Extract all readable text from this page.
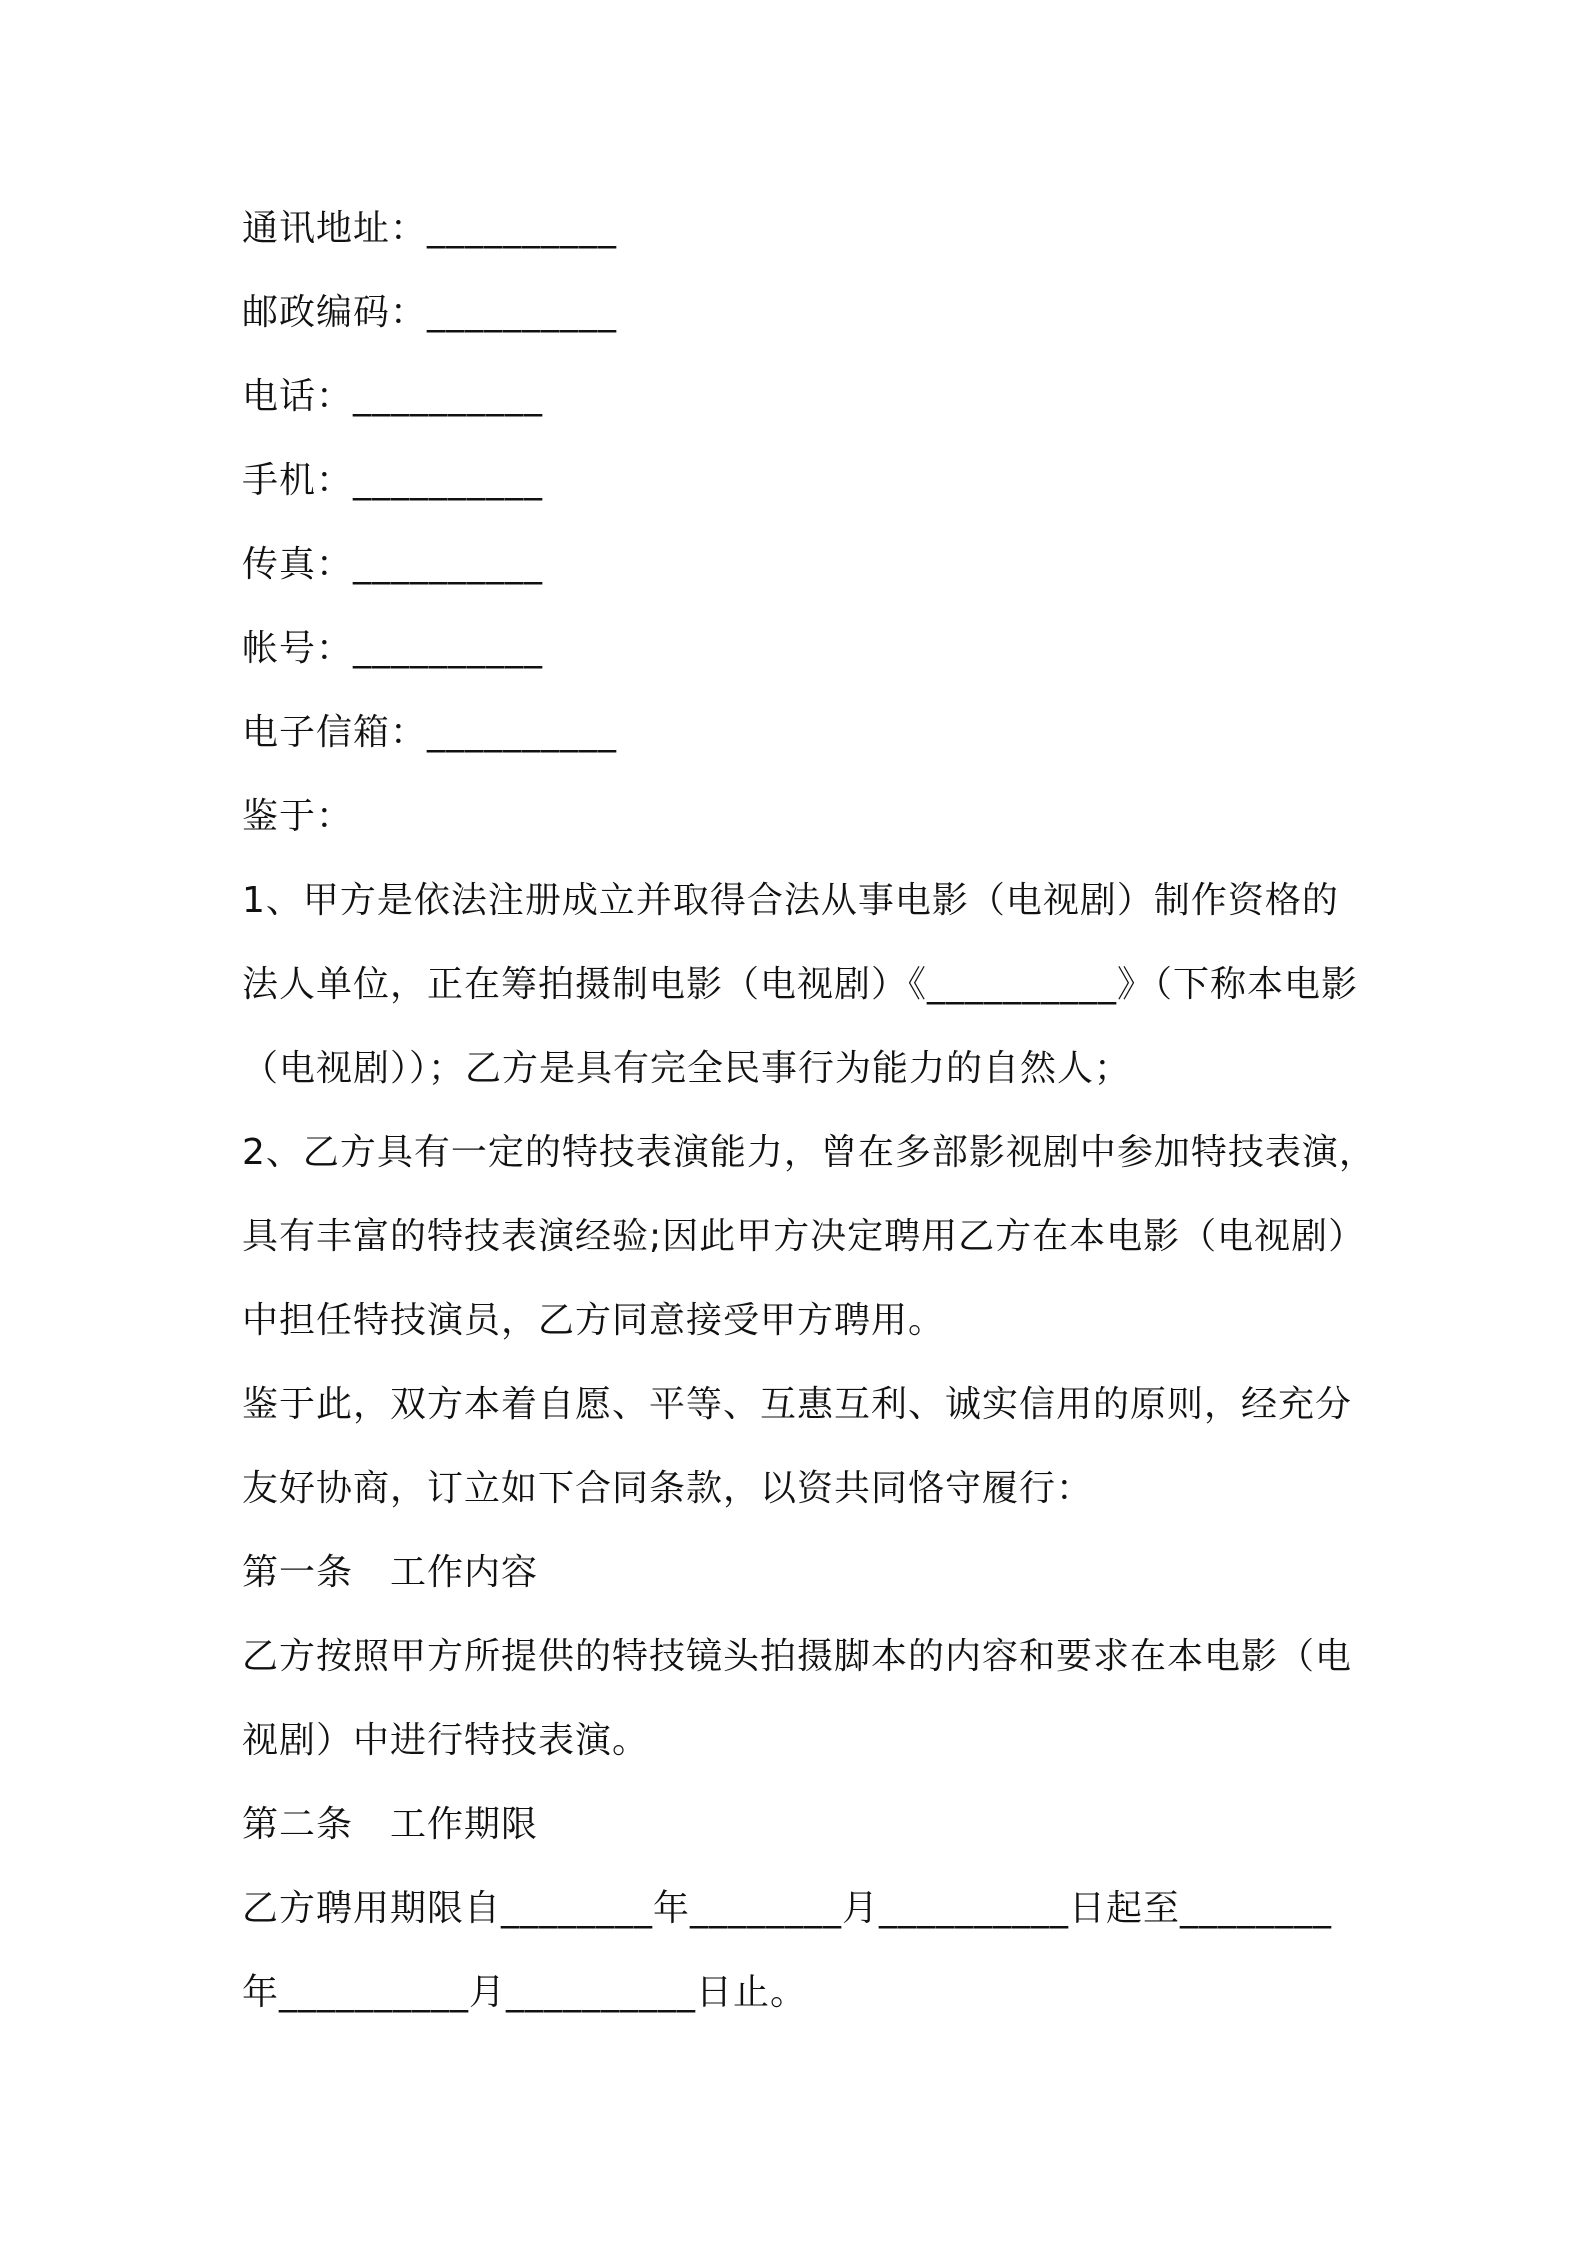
通讯地址：__________
邮政编码：__________
电话：__________
手机：__________
传真：__________
帐号：__________
电子信箱：__________
鉴于：
1、甲方是依法注册成立并取得合法从事电影（电视剧）制作资格的
法人单位，正在筹拍摄制电影（电视剧）《__________》（下称本电影
（电视剧））；乙方是具有完全民事行为能力的自然人；
2、乙方具有一定的特技表演能力，曾在多部影视剧中参加特技表演，
具有丰富的特技表演经验;因此甲方决定聘用乙方在本电影（电视剧）
中担任特技演员，乙方同意接受甲方聘用。
鉴于此，双方本着自愿、平等、互惠互利、诚实信用的原则，经充分
友好协商，订立如下合同条款，以资共同恪守履行：
第一条　工作内容
乙方按照甲方所提供的特技镜头拍摄脚本的内容和要求在本电影（电
视剧）中进行特技表演。
第二条　工作期限
乙方聘用期限自________年________月__________日起至________
年__________月__________日止。
